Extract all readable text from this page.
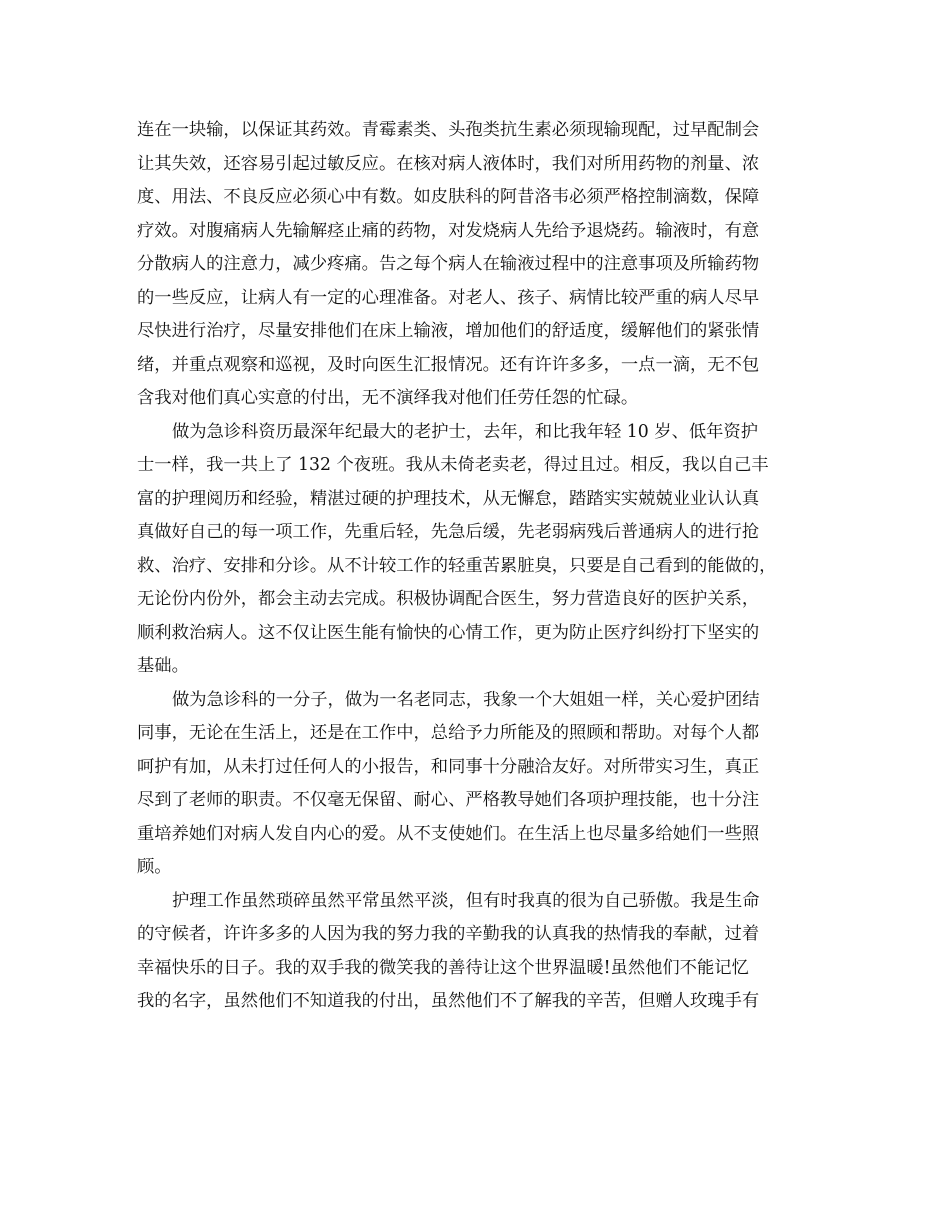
连在一块输，以保证其药效。青霉素类、头孢类抗生素必须现输现配，过早配制会
让其失效，还容易引起过敏反应。在核对病人液体时，我们对所用药物的剂量、浓
度、用法、不良反应必须心中有数。如皮肤科的阿昔洛韦必须严格控制滴数，保障
疗效。对腹痛病人先输解痉止痛的药物，对发烧病人先给予退烧药。输液时，有意
分散病人的注意力，减少疼痛。告之每个病人在输液过程中的注意事项及所输药物
的一些反应，让病人有一定的心理准备。对老人、孩子、病情比较严重的病人尽早
尽快进行治疗，尽量安排他们在床上输液，增加他们的舒适度，缓解他们的紧张情
绪，并重点观察和巡视，及时向医生汇报情况。还有许许多多，一点一滴，无不包
含我对他们真心实意的付出，无不演绎我对他们任劳任怨的忙碌。
做为急诊科资历最深年纪最大的老护士，去年，和比我年轻 10 岁、低年资护
士一样，我一共上了 132 个夜班。我从未倚老卖老，得过且过。相反，我以自己丰
富的护理阅历和经验，精湛过硬的护理技术，从无懈怠，踏踏实实兢兢业业认认真
真做好自己的每一项工作，先重后轻，先急后缓，先老弱病残后普通病人的进行抢
救、治疗、安排和分诊。从不计较工作的轻重苦累脏臭，只要是自己看到的能做的，
无论份内份外，都会主动去完成。积极协调配合医生，努力营造良好的医护关系，
顺利救治病人。这不仅让医生能有愉快的心情工作，更为防止医疗纠纷打下坚实的
基础。
做为急诊科的一分子，做为一名老同志，我象一个大姐姐一样，关心爱护团结
同事，无论在生活上，还是在工作中，总给予力所能及的照顾和帮助。对每个人都
呵护有加，从未打过任何人的小报告，和同事十分融洽友好。对所带实习生，真正
尽到了老师的职责。不仅毫无保留、耐心、严格教导她们各项护理技能，也十分注
重培养她们对病人发自内心的爱。从不支使她们。在生活上也尽量多给她们一些照
顾。
护理工作虽然琐碎虽然平常虽然平淡，但有时我真的很为自己骄傲。我是生命
的守候者，许许多多的人因为我的努力我的辛勤我的认真我的热情我的奉献，过着
幸福快乐的日子。我的双手我的微笑我的善待让这个世界温暖!虽然他们不能记忆
我的名字，虽然他们不知道我的付出，虽然他们不了解我的辛苦，但赠人玫瑰手有
